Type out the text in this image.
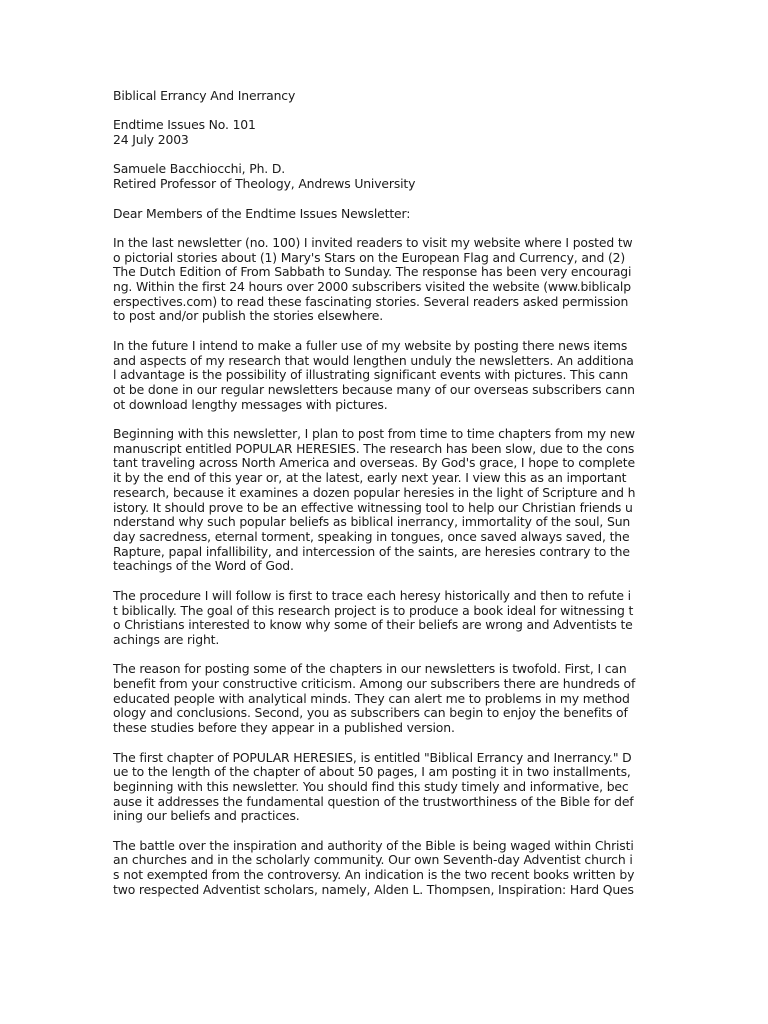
Biblical Errancy And Inerrancy

Endtime Issues No. 101
24 July 2003

Samuele Bacchiocchi, Ph. D.
Retired Professor of Theology, Andrews University

Dear Members of the Endtime Issues Newsletter:

In the last newsletter (no. 100) I invited readers to visit my website where I posted tw
o pictorial stories about (1) Mary's Stars on the European Flag and Currency, and (2)
The Dutch Edition of From Sabbath to Sunday. The response has been very encouragi
ng. Within the first 24 hours over 2000 subscribers visited the website (www.biblicalp
erspectives.com) to read these fascinating stories. Several readers asked permission
to post and/or publish the stories elsewhere.

In the future I intend to make a fuller use of my website by posting there news items
and aspects of my research that would lengthen unduly the newsletters. An additiona
l advantage is the possibility of illustrating significant events with pictures. This cann
ot be done in our regular newsletters because many of our overseas subscribers cann
ot download lengthy messages with pictures.

Beginning with this newsletter, I plan to post from time to time chapters from my new
manuscript entitled POPULAR HERESIES. The research has been slow, due to the cons
tant traveling across North America and overseas. By God's grace, I hope to complete
it by the end of this year or, at the latest, early next year. I view this as an important
research, because it examines a dozen popular heresies in the light of Scripture and h
istory. It should prove to be an effective witnessing tool to help our Christian friends u
nderstand why such popular beliefs as biblical inerrancy, immortality of the soul, Sun
day sacredness, eternal torment, speaking in tongues, once saved always saved, the
Rapture, papal infallibility, and intercession of the saints, are heresies contrary to the
teachings of the Word of God.

The procedure I will follow is first to trace each heresy historically and then to refute i
t biblically. The goal of this research project is to produce a book ideal for witnessing t
o Christians interested to know why some of their beliefs are wrong and Adventists te
achings are right.

The reason for posting some of the chapters in our newsletters is twofold. First, I can
benefit from your constructive criticism. Among our subscribers there are hundreds of
educated people with analytical minds. They can alert me to problems in my method
ology and conclusions. Second, you as subscribers can begin to enjoy the benefits of
these studies before they appear in a published version.

The first chapter of POPULAR HERESIES, is entitled "Biblical Errancy and Inerrancy." D
ue to the length of the chapter of about 50 pages, I am posting it in two installments,
beginning with this newsletter. You should find this study timely and informative, bec
ause it addresses the fundamental question of the trustworthiness of the Bible for def
ining our beliefs and practices.

The battle over the inspiration and authority of the Bible is being waged within Christi
an churches and in the scholarly community. Our own Seventh-day Adventist church i
s not exempted from the controversy. An indication is the two recent books written by
two respected Adventist scholars, namely, Alden L. Thompsen, Inspiration: Hard Ques
